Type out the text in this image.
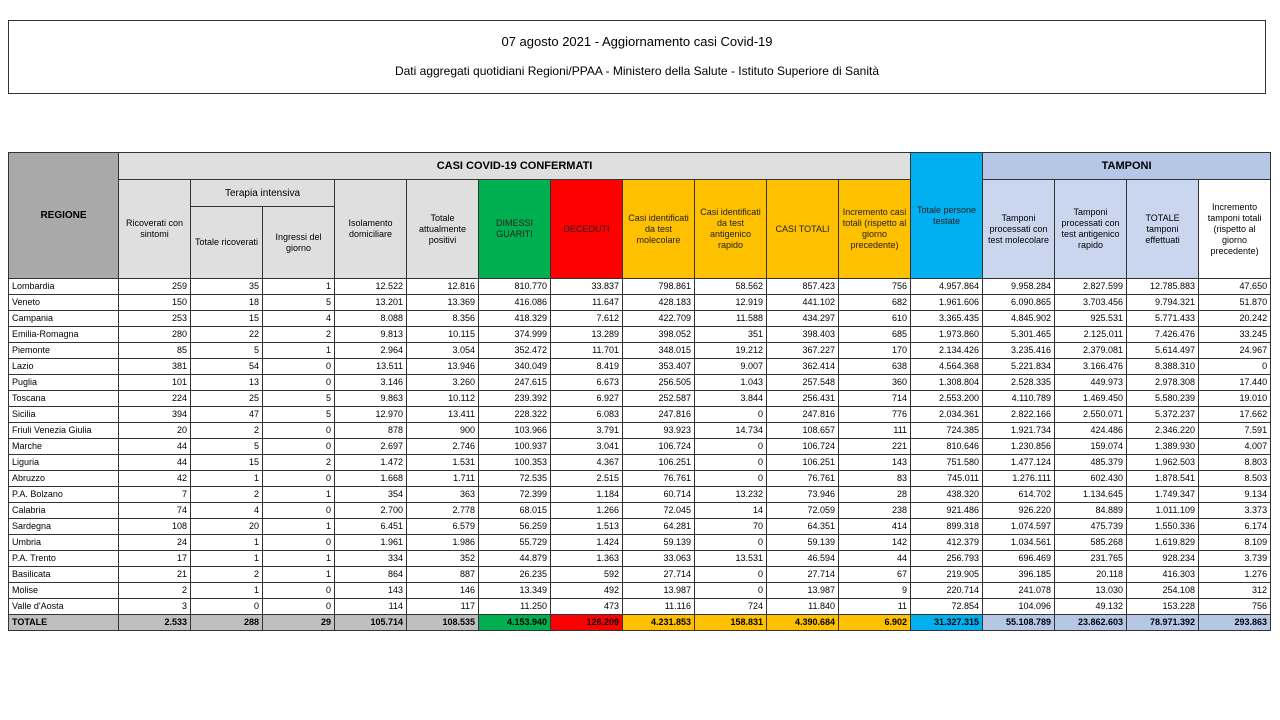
07 agosto 2021 - Aggiornamento casi Covid-19
Dati aggregati quotidiani Regioni/PPAA - Ministero della Salute - Istituto Superiore di Sanità
REGIONE	CASI COVID-19 CONFERMATI											Totale persone testate	TAMPONI			
	Ricoverati con sintomi	Terapia intensiva		Isolamento domiciliare	Totale attualmente positivi	DIMESSI GUARITI	DECEDUTI	Casi identificati da test molecolare	Casi identificati da test antigenico rapido	CASI TOTALI	Incremento casi totali (rispetto al giorno precedente)		Tamponi processati con test molecolare	Tamponi processati con test antigenico rapido	TOTALE tamponi effettuati	Incremento tamponi totali (rispetto al giorno precedente)
		Totale ricoverati	Ingressi del giorno													
Lombardia	259	35	1	12.522	12.816	810.770	33.837	798.861	58.562	857.423	756	4.957.864	9.958.284	2.827.599	12.785.883	47.650
Veneto	150	18	5	13.201	13.369	416.086	11.647	428.183	12.919	441.102	682	1.961.606	6.090.865	3.703.456	9.794.321	51.870
Campania	253	15	4	8.088	8.356	418.329	7.612	422.709	11.588	434.297	610	3.365.435	4.845.902	925.531	5.771.433	20.242
Emilia-Romagna	280	22	2	9.813	10.115	374.999	13.289	398.052	351	398.403	685	1.973.860	5.301.465	2.125.011	7.426.476	33.245
Piemonte	85	5	1	2.964	3.054	352.472	11.701	348.015	19.212	367.227	170	2.134.426	3.235.416	2.379.081	5.614.497	24.967
Lazio	381	54	0	13.511	13.946	340.049	8.419	353.407	9.007	362.414	638	4.564.368	5.221.834	3.166.476	8.388.310	0
Puglia	101	13	0	3.146	3.260	247.615	6.673	256.505	1.043	257.548	360	1.308.804	2.528.335	449.973	2.978.308	17.440
Toscana	224	25	5	9.863	10.112	239.392	6.927	252.587	3.844	256.431	714	2.553.200	4.110.789	1.469.450	5.580.239	19.010
Sicilia	394	47	5	12.970	13.411	228.322	6.083	247.816	0	247.816	776	2.034.361	2.822.166	2.550.071	5.372.237	17.662
Friuli Venezia Giulia	20	2	0	878	900	103.966	3.791	93.923	14.734	108.657	111	724.385	1.921.734	424.486	2.346.220	7.591
Marche	44	5	0	2.697	2.746	100.937	3.041	106.724	0	106.724	221	810.646	1.230.856	159.074	1.389.930	4.007
Liguria	44	15	2	1.472	1.531	100.353	4.367	106.251	0	106.251	143	751.580	1.477.124	485.379	1.962.503	8.803
Abruzzo	42	1	0	1.668	1.711	72.535	2.515	76.761	0	76.761	83	745.011	1.276.111	602.430	1.878.541	8.503
P.A. Bolzano	7	2	1	354	363	72.399	1.184	60.714	13.232	73.946	28	438.320	614.702	1.134.645	1.749.347	9.134
Calabria	74	4	0	2.700	2.778	68.015	1.266	72.045	14	72.059	238	921.486	926.220	84.889	1.011.109	3.373
Sardegna	108	20	1	6.451	6.579	56.259	1.513	64.281	70	64.351	414	899.318	1.074.597	475.739	1.550.336	6.174
Umbria	24	1	0	1.961	1.986	55.729	1.424	59.139	0	59.139	142	412.379	1.034.561	585.268	1.619.829	8.109
P.A. Trento	17	1	1	334	352	44.879	1.363	33.063	13.531	46.594	44	256.793	696.469	231.765	928.234	3.739
Basilicata	21	2	1	864	887	26.235	592	27.714	0	27.714	67	219.905	396.185	20.118	416.303	1.276
Molise	2	1	0	143	146	13.349	492	13.987	0	13.987	9	220.714	241.078	13.030	254.108	312
Valle d'Aosta	3	0	0	114	117	11.250	473	11.116	724	11.840	11	72.854	104.096	49.132	153.228	756
TOTALE	2.533	288	29	105.714	108.535	4.153.940	128.209	4.231.853	158.831	4.390.684	6.902	31.327.315	55.108.789	23.862.603	78.971.392	293.863
